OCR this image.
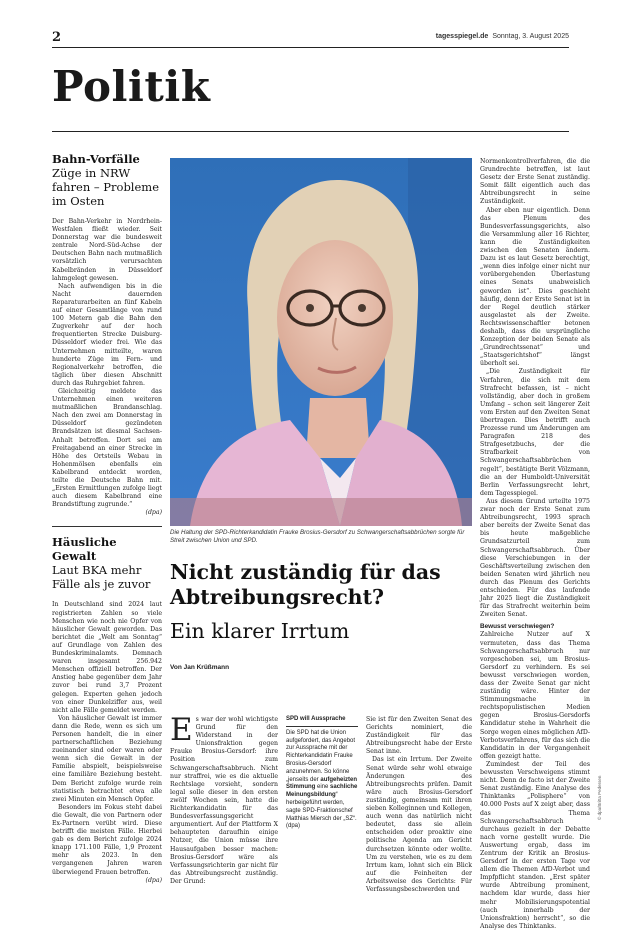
2	tagesspiegel.de Sonntag, 3. August 2025
Politik
Bahn-Vorfälle Züge in NRW fahren – Probleme im Osten

Der Bahn-Verkehr in Nordrhein-Westfalen fließt wieder. Seit Donnerstag war die bundesweit zentrale Nord-Süd-Achse der Deutschen Bahn nach mutmaßlich vorsätzlich verursachten Kabelbränden in Düsseldorf lahmgelegt gewesen.

Nach aufwendigen bis in die Nacht dauernden Reparaturarbeiten an fünf Kabeln auf einer Gesamtlänge von rund 100 Metern gab die Bahn den Zugverkehr auf der hoch frequentierten Strecke Duisburg-Düsseldorf wieder frei. Wie das Unternehmen mitteilte, waren hunderte Züge im Fern- und Regionalverkehr betroffen, die täglich über diesen Abschnitt durch das Ruhrgebiet fahren.

Gleichzeitig meldete das Unternehmen einen weiteren mutmaßlichen Brandanschlag. Nach den zwei am Donnerstag in Düsseldorf gezündeten Brandsätzen ist diesmal Sachsen-Anhalt betroffen. Dort sei am Freitagabend an einer Strecke in Höhe des Ortsteils Webau in Hohenmölsen ebenfalls ein Kabelbrand entdeckt worden, teilte die Deutsche Bahn mit. „Ersten Ermittlungen zufolge liegt auch diesem Kabelbrand eine Brandstiftung zugrunde.“

(dpa)
Häusliche Gewalt
Laut BKA mehr Fälle als je zuvor

In Deutschland sind 2024 laut registrierten Zahlen so viele Menschen wie noch nie Opfer von häuslicher Gewalt geworden. Das berichtet die „Welt am Sonntag“ auf Grundlage von Zahlen des Bundeskriminalamts. Demnach waren insgesamt 256.942 Menschen offiziell betroffen. Der Anstieg habe gegenüber dem Jahr zuvor bei rund 3,7 Prozent gelegen. Experten gehen jedoch von einer Dunkelziffer aus, weil nicht alle Fälle gemeldet werden.

Von häuslicher Gewalt ist immer dann die Rede, wenn es sich um Personen handelt, die in einer partnerschaftlichen Beziehung zueinander sind oder waren oder wenn sich die Gewalt in der Familie abspielt, beispielsweise eine familiäre Beziehung besteht. Dem Bericht zufolge wurde rein statistisch betrachtet etwa alle zwei Minuten ein Mensch Opfer.

Besonders im Fokus steht dabei die Gewalt, die von Partnern oder Ex-Partnern verübt wird. Diese betrifft die meisten Fälle. Hierbei gab es dem Bericht zufolge 2024 knapp 171.100 Fälle, 1,9 Prozent mehr als 2023. In den vergangenen Jahren waren überwiegend Frauen betroffen.

(dpa)
Die Haltung der SPD-Richterkandidatin Frauke Brosius-Gersdorf zu Schwangerschaftsabbrüchen sorgte für Streit zwischen Union und SPD.
Nicht zuständig für das Abtreibungsrecht?
Ein klarer Irrtum
Von Jan Krüßmann
E s war der wohl wichtigste Grund für den Widerstand in der Unionsfraktion gegen Frauke Brosius-Gersdorf: ihre Position zum Schwangerschaftsabbruch. Nicht nur straffrei, wie es die aktuelle Rechtslage vorsieht, sondern legal solle dieser in den ersten zwölf Wochen sein, hatte die Richterkandidatin für das Bundesverfassungsgericht argumentiert. Auf der Plattform X behaupteten daraufhin einige Nutzer, die Union müsse ihre Hausaufgaben besser machen: Brosius-Gersdorf wäre als Verfassungsrichterin gar nicht für das Abtreibungsrecht zuständig. Der Grund:

SPD will Aussprache

Die SPD hat die Union aufgefordert, das Angebot zur Aussprache mit der Richterkandidatin Frauke Brosius-Gersdorf anzunehmen. So könne „jenseits der aufgeheizten Stimmung eine sachliche Meinungsbildung“ herbeigeführt werden, sagte SPD-Fraktionschef Matthias Miersch der „SZ“. (dpa)

Sie ist für den Zweiten Senat des Gerichts nominiert, die Zuständigkeit für das Abtreibungsrecht habe der Erste Senat inne.

Das ist ein Irrtum. Der Zweite Senat würde sehr wohl etwaige Änderungen des Abtreibungsrechts prüfen. Damit wäre auch Brosius-Gersdorf zuständig, gemeinsam mit ihren sieben Kolleginnen und Kollegen, auch wenn das natürlich nicht bedeutet, dass sie allein entscheiden oder proaktiv eine politische Agenda am Gericht durchsetzen könnte oder wollte. Um zu verstehen, wie es zu dem Irrtum kam, lohnt sich ein Blick auf die Feinheiten der Arbeitsweise des Gerichts: Für Verfassungsbeschwerden und

Normenkontrollverfahren, die die Grundrechte betreffen, ist laut Gesetz der Erste Senat zuständig. Somit fällt eigentlich auch das Abtreibungsrecht in seine Zuständigkeit.

Aber eben nur eigentlich. Denn das Plenum des Bundesverfassungsgerichts, also die Versammlung aller 16 Richter, kann die Zuständigkeiten zwischen den Senaten ändern. Dazu ist es laut Gesetz berechtigt, „wenn dies infolge einer nicht nur vorübergehenden Überlastung eines Senats unabweislich geworden ist“. Dies geschieht häufig, denn der Erste Senat ist in der Regel deutlich stärker ausgelastet als der Zweite. Rechtswissenschaftler betonen deshalb, dass die ursprüngliche Konzeption der beiden Senate als „Grundrechtssenat“ und „Staatsgerichtshof“ längst überholt sei.

„Die Zuständigkeit für Verfahren, die sich mit dem Strafrecht befassen, ist – nicht vollständig, aber doch in großem Umfang – schon seit längerer Zeit vom Ersten auf den Zweiten Senat übertragen. Dies betrifft auch Prozesse rund um Änderungen am Paragrafen 218 des Strafgesetzbuchs, der die Strafbarkeit von Schwangerschaftsabbrüchen regelt“, bestätigte Berit Völzmann, die an der Humboldt-Universität Berlin Verfassungsrecht lehrt, dem Tagesspiegel.

Aus diesem Grund urteilte 1975 zwar noch der Erste Senat zum Abtreibungsrecht, 1993 sprach aber bereits der Zweite Senat das bis heute maßgebliche Grundsatzurteil zum Schwangerschaftsabbruch. Über diese Verschiebungen in der Geschäftsverteilung zwischen den beiden Senaten wird jährlich neu durch das Plenum des Gerichts entschieden. Für das laufende Jahr 2025 liegt die Zuständigkeit für das Strafrecht weiterhin beim Zweiten Senat.

Bewusst verschwiegen?

Zahlreiche Nutzer auf X vermuteten, dass das Thema Schwangerschaftsabbruch nur vorgeschoben sei, um Brosius-Gersdorf zu verhindern. Es sei bewusst verschwiegen worden, dass der Zweite Senat gar nicht zuständig wäre. Hinter der Stimmungsmache in rechtspopulistischen Medien gegen Brosius-Gersdorfs Kandidatur stehe in Wahrheit die Sorge wegen eines möglichen AfD-Verbotsverfahrens, für das sich die Kandidatin in der Vergangenheit offen gezeigt hatte.

Zumindest der Teil des bewussten Verschweigens stimmt nicht. Denn de facto ist der Zweite Senat zuständig. Eine Analyse des Thinktanks „Polisphere“ von 40.000 Posts auf X zeigt aber, dass das Thema Schwangerschaftsabbruch durchaus gezielt in der Debatte nach vorne gestellt wurde. Die Auswertung ergab, dass im Zentrum der Kritik an Brosius-Gersdorf in der ersten Tage vor allem die Themen AfD-Verbot und Impfpflicht standen. „Erst später wurde Abtreibung prominent, nachdem klar wurde, dass hier mehr Mobilisierungspotential (auch innerhalb der Unionsfraktion) herrscht“, so die Analyse des Thinktanks.

© dpa/Britta Pedersen
